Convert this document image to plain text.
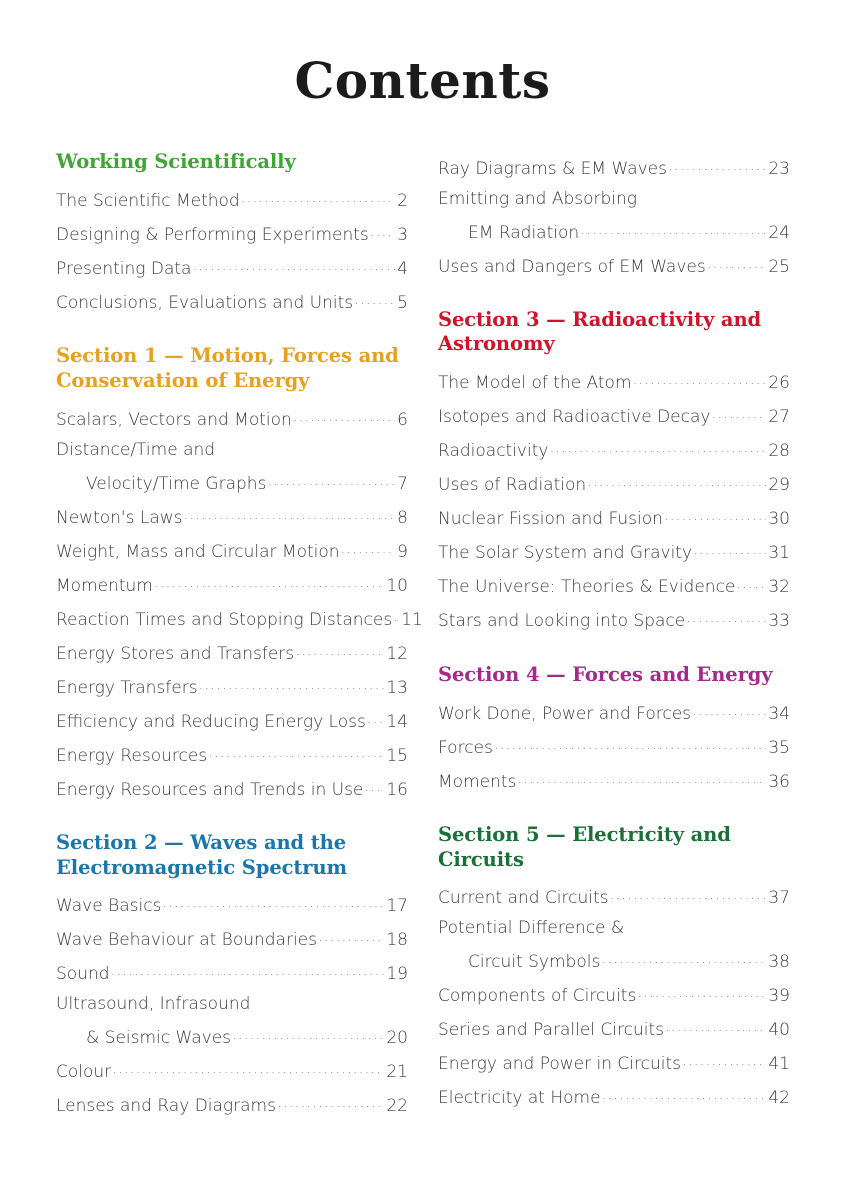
Contents
Working Scientifically
The Scientific Method .....	2
Designing & Performing Experiments ..... 3
Presenting Data .....	4
Conclusions, Evaluations and Units .....	5
Section 1 — Motion, Forces and Conservation of Energy
Scalars, Vectors and Motion .....	6
Distance/Time and
Velocity/Time Graphs .....	7
Newton's Laws .....	8
Weight, Mass and Circular Motion .....	9
Momentum .....	10
Reaction Times and Stopping Distances ..... 11
Energy Stores and Transfers .....	12
Energy Transfers .....	13
Efficiency and Reducing Energy Loss ..... 14
Energy Resources .....	15
Energy Resources and Trends in Use ..... 16
Section 2 — Waves and the Electromagnetic Spectrum
Wave Basics .....	17
Wave Behaviour at Boundaries .....	18
Sound .....	19
Ultrasound, Infrasound
& Seismic Waves .....	20
Colour .....	21
Lenses and Ray Diagrams .....	22
Ray Diagrams & EM Waves .....	23
Emitting and Absorbing
EM Radiation .....	24
Uses and Dangers of EM Waves .....	25
Section 3 — Radioactivity and Astronomy
The Model of the Atom .....	26
Isotopes and Radioactive Decay .....	27
Radioactivity .....	28
Uses of Radiation .....	29
Nuclear Fission and Fusion .....	30
The Solar System and Gravity .....	31
The Universe: Theories & Evidence ..... 32
Stars and Looking into Space .....	33
Section 4 — Forces and Energy
Work Done, Power and Forces .....	34
Forces .....	35
Moments .....	36
Section 5 — Electricity and Circuits
Current and Circuits .....	37
Potential Difference &
Circuit Symbols .....	38
Components of Circuits .....	39
Series and Parallel Circuits .....	40
Energy and Power in Circuits .....	41
Electricity at Home .....	42
